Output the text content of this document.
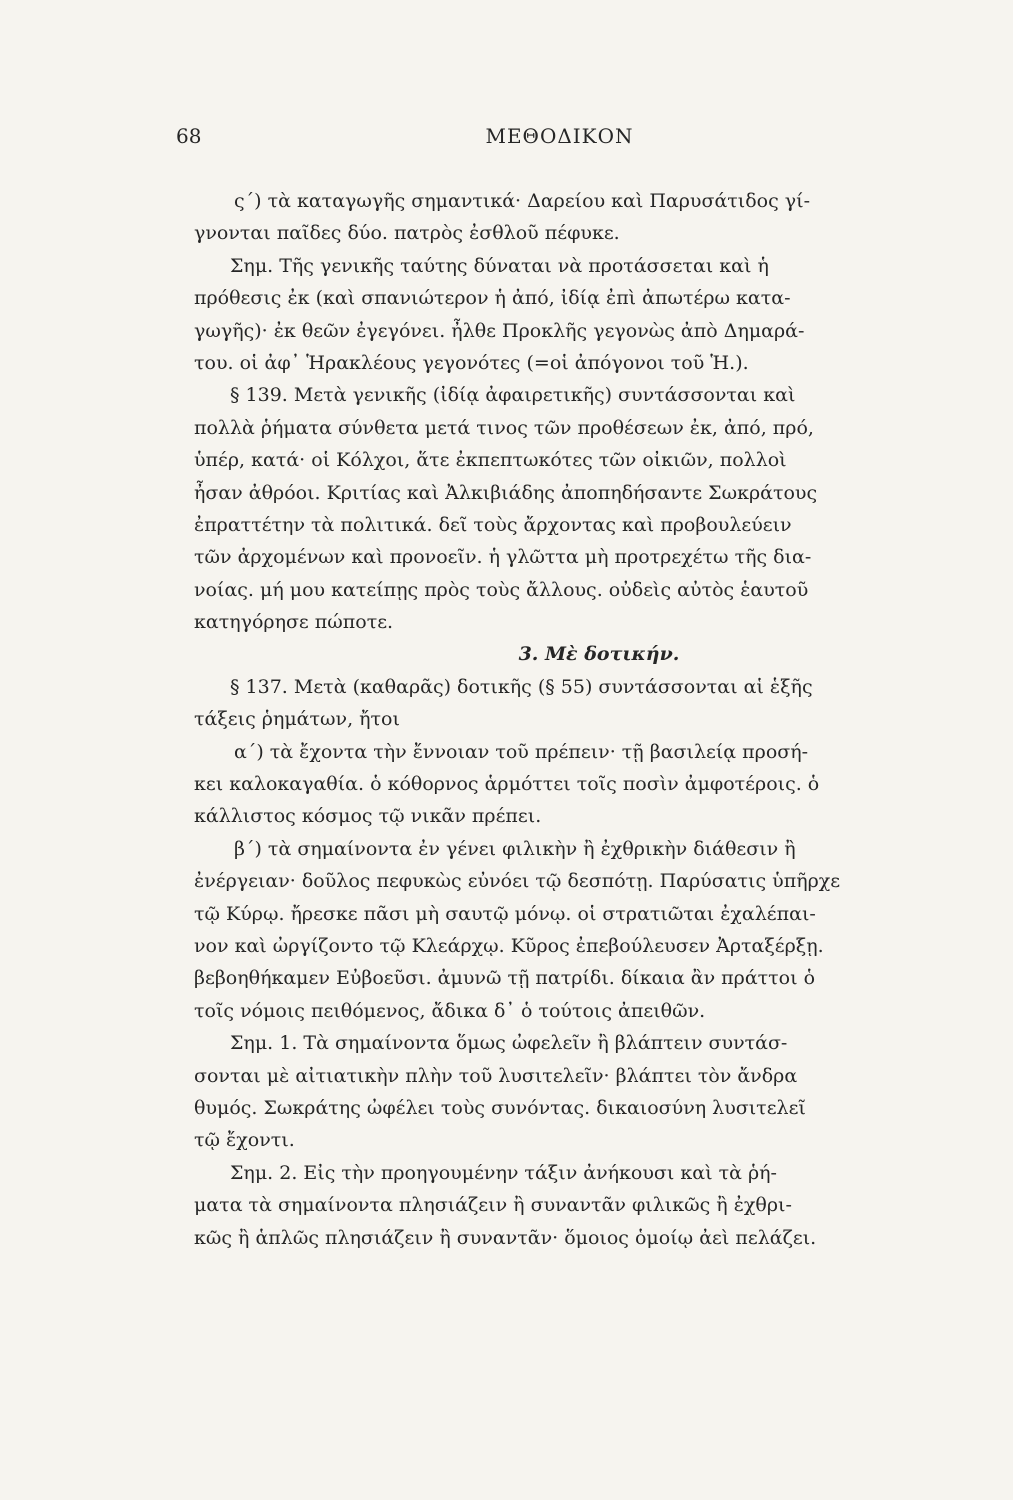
68	ΜΕΘΟΔΙΚΟΝ
ς΄) τὰ καταγωγῆς σημαντικά· Δαρείου καὶ Παρυσάτιδος γί-
γνονται παῖδες δύο. πατρὸς ἐσθλοῦ πέφυκε.
Σημ. Τῆς γενικῆς ταύτης δύναται νὰ προτάσσεται καὶ ἡ
πρόθεσις ἐκ (καὶ σπανιώτερον ἡ ἀπό, ἰδίᾳ ἐπὶ ἀπωτέρω κατα-
γωγῆς)· ἐκ θεῶν ἐγεγόνει. ἦλθε Προκλῆς γεγονὼς ἀπὸ Δημαρά-
του. οἱ ἀφ᾽ Ἡρακλέους γεγονότες (=οἱ ἀπόγονοι τοῦ Ἡ.).
§ 139. Μετὰ γενικῆς (ἰδίᾳ ἀφαιρετικῆς) συντάσσονται καὶ
πολλὰ ῥήματα σύνθετα μετά τινος τῶν προθέσεων ἐκ, ἀπό, πρό,
ὑπέρ, κατά· οἱ Κόλχοι, ἅτε ἐκπεπτωκότες τῶν οἰκιῶν, πολλοὶ
ἦσαν ἀθρόοι. Κριτίας καὶ Ἀλκιβιάδης ἀποπηδήσαντε Σωκράτους
ἐπραττέτην τὰ πολιτικά. δεῖ τοὺς ἄρχοντας καὶ προβουλεύειν
τῶν ἀρχομένων καὶ προνοεῖν. ἡ γλῶττα μὴ προτρεχέτω τῆς δια-
νοίας. μή μου κατείπῃς πρὸς τοὺς ἄλλους. οὐδεὶς αὐτὸς ἑαυτοῦ
κατηγόρησε πώποτε.
3. Μὲ δοτικήν.
§ 137. Μετὰ (καθαρᾶς) δοτικῆς (§ 55) συντάσσονται αἱ ἑξῆς
τάξεις ῥημάτων, ἤτοι
α΄) τὰ ἔχοντα τὴν ἔννοιαν τοῦ πρέπειν· τῇ βασιλείᾳ προσή-
κει καλοκαγαθία. ὁ κόθορνος ἁρμόττει τοῖς ποσὶν ἀμφοτέροις. ὁ
κάλλιστος κόσμος τῷ νικᾶν πρέπει.
β΄) τὰ σημαίνοντα ἐν γένει φιλικὴν ἢ ἐχθρικὴν διάθεσιν ἢ
ἐνέργειαν· δοῦλος πεφυκὼς εὐνόει τῷ δεσπότῃ. Παρύσατις ὑπῆρχε
τῷ Κύρῳ. ἤρεσκε πᾶσι μὴ σαυτῷ μόνῳ. οἱ στρατιῶται ἐχαλέπαι-
νον καὶ ὠργίζοντο τῷ Κλεάρχῳ. Κῦρος ἐπεβούλευσεν Ἀρταξέρξῃ.
βεβοηθήκαμεν Εὐβοεῦσι. ἀμυνῶ τῇ πατρίδι. δίκαια ἂν πράττοι ὁ
τοῖς νόμοις πειθόμενος, ἄδικα δ᾽ ὁ τούτοις ἀπειθῶν.
Σημ. 1. Τὰ σημαίνοντα ὅμως ὠφελεῖν ἢ βλάπτειν συντάσ-
σονται μὲ αἰτιατικὴν πλὴν τοῦ λυσιτελεῖν· βλάπτει τὸν ἄνδρα
θυμός. Σωκράτης ὠφέλει τοὺς συνόντας. δικαιοσύνη λυσιτελεῖ
τῷ ἔχοντι.
Σημ. 2. Εἰς τὴν προηγουμένην τάξιν ἀνήκουσι καὶ τὰ ῥή-
ματα τὰ σημαίνοντα πλησιάζειν ἢ συναντᾶν φιλικῶς ἢ ἐχθρι-
κῶς ἢ ἁπλῶς πλησιάζειν ἢ συναντᾶν· ὅμοιος ὁμοίῳ ἀεὶ πελάζει.
